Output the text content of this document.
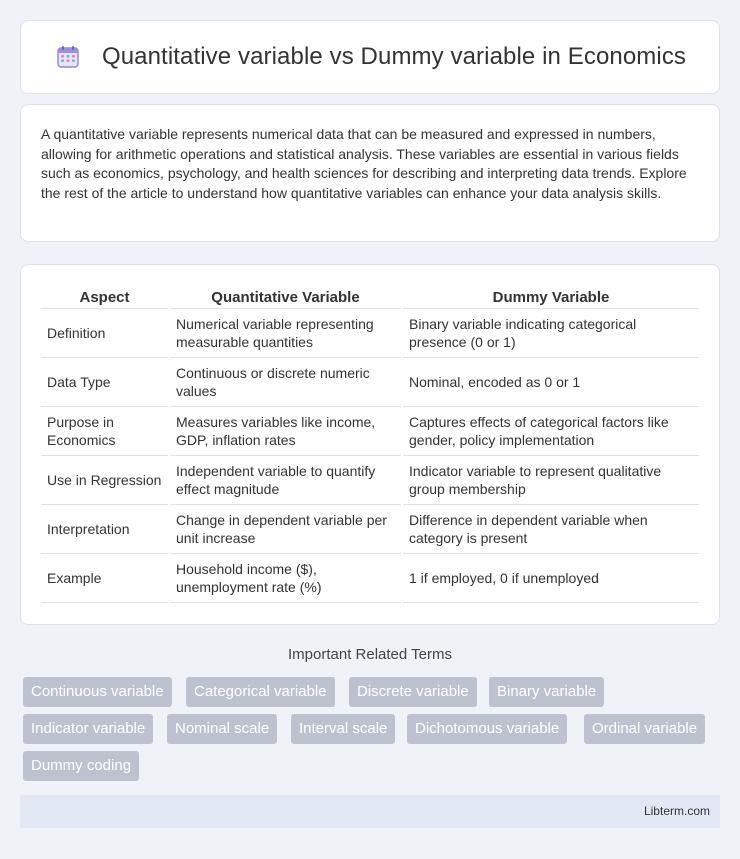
Quantitative variable vs Dummy variable in Economics

A quantitative variable represents numerical data that can be measured and expressed in numbers, allowing for arithmetic operations and statistical analysis. These variables are essential in various fields such as economics, psychology, and health sciences for describing and interpreting data trends. Explore the rest of the article to understand how quantitative variables can enhance your data analysis skills.

Aspect	Quantitative Variable	Dummy Variable
Definition	Numerical variable representing measurable quantities	Binary variable indicating categorical presence (0 or 1)
Data Type	Continuous or discrete numeric values	Nominal, encoded as 0 or 1
Purpose in Economics	Measures variables like income, GDP, inflation rates	Captures effects of categorical factors like gender, policy implementation
Use in Regression	Independent variable to quantify effect magnitude	Indicator variable to represent qualitative group membership
Interpretation	Change in dependent variable per unit increase	Difference in dependent variable when category is present
Example	Household income ($), unemployment rate (%)	1 if employed, 0 if unemployed
Important Related Terms
Continuous variable	Categorical variable	Discrete variable	Binary variable
Indicator variable	Nominal scale	Interval scale	Dichotomous variable	Ordinal variable
Dummy coding
Libterm.com
